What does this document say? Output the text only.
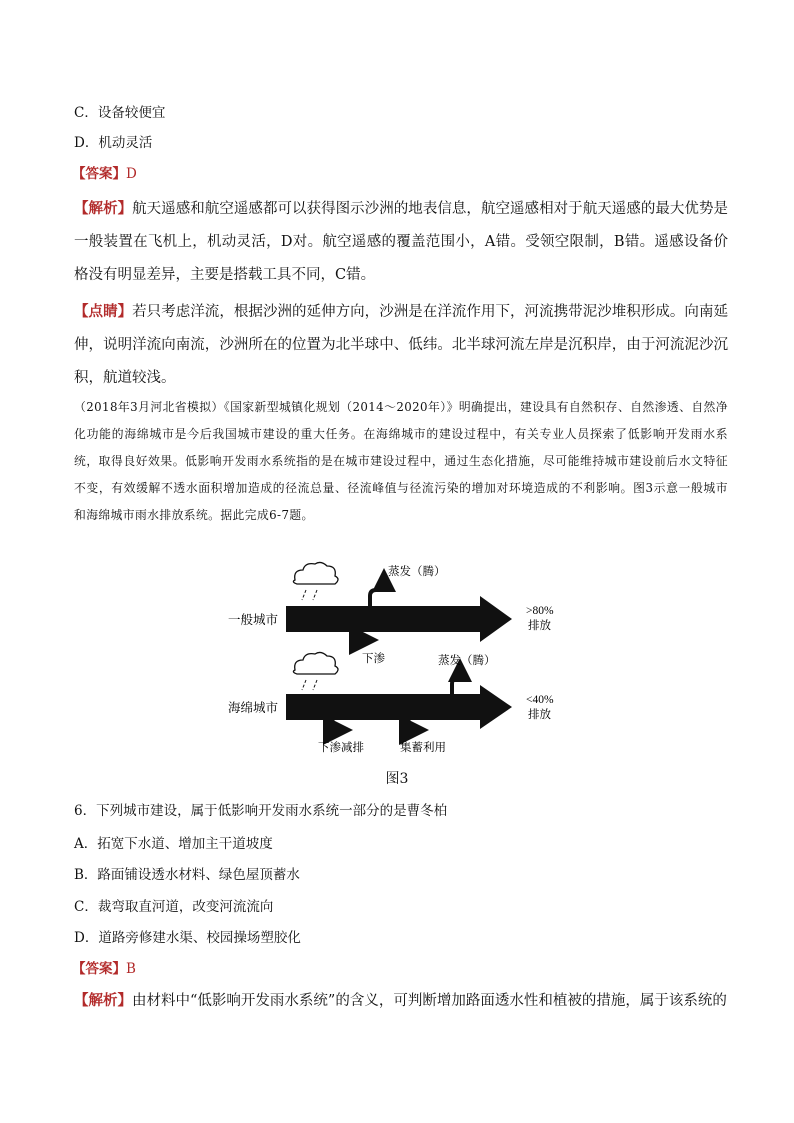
C．设备较便宜
D．机动灵活
【答案】D
【解析】航天遥感和航空遥感都可以获得图示沙洲的地表信息，航空遥感相对于航天遥感的最大优势是一般装置在飞机上，机动灵活，D对。航空遥感的覆盖范围小，A错。受领空限制，B错。遥感设备价格没有明显差异，主要是搭载工具不同，C错。
【点睛】若只考虑洋流，根据沙洲的延伸方向，沙洲是在洋流作用下，河流携带泥沙堆积形成。向南延伸，说明洋流向南流，沙洲所在的位置为北半球中、低纬。北半球河流左岸是沉积岸，由于河流泥沙沉积，航道较浅。
（2018年3月河北省模拟）《国家新型城镇化规划（2014～2020年）》明确提出，建设具有自然积存、自然渗透、自然净化功能的海绵城市是今后我国城市建设的重大任务。在海绵城市的建设过程中，有关专业人员探索了低影响开发雨水系统，取得良好效果。低影响开发雨水系统指的是在城市建设过程中，通过生态化措施，尽可能维持城市建设前后水文特征不变，有效缓解不透水面积增加造成的径流总量、径流峰值与径流污染的增加对环境造成的不利影响。图3示意一般城市和海绵城市雨水排放系统。据此完成6-7题。
一般城市
蒸发（腾）
下渗
>80%
排放
海绵城市
蒸发（腾）
下渗减排	集蓄利用
<40%
排放
图3
6．下列城市建设，属于低影响开发雨水系统一部分的是曹冬柏
A．拓宽下水道、增加主干道坡度
B．路面铺设透水材料、绿色屋顶蓄水
C．裁弯取直河道，改变河流流向
D．道路旁修建水渠、校园操场塑胶化
【答案】B
【解析】由材料中“低影响开发雨水系统”的含义，可判断增加路面透水性和植被的措施，属于该系统的
